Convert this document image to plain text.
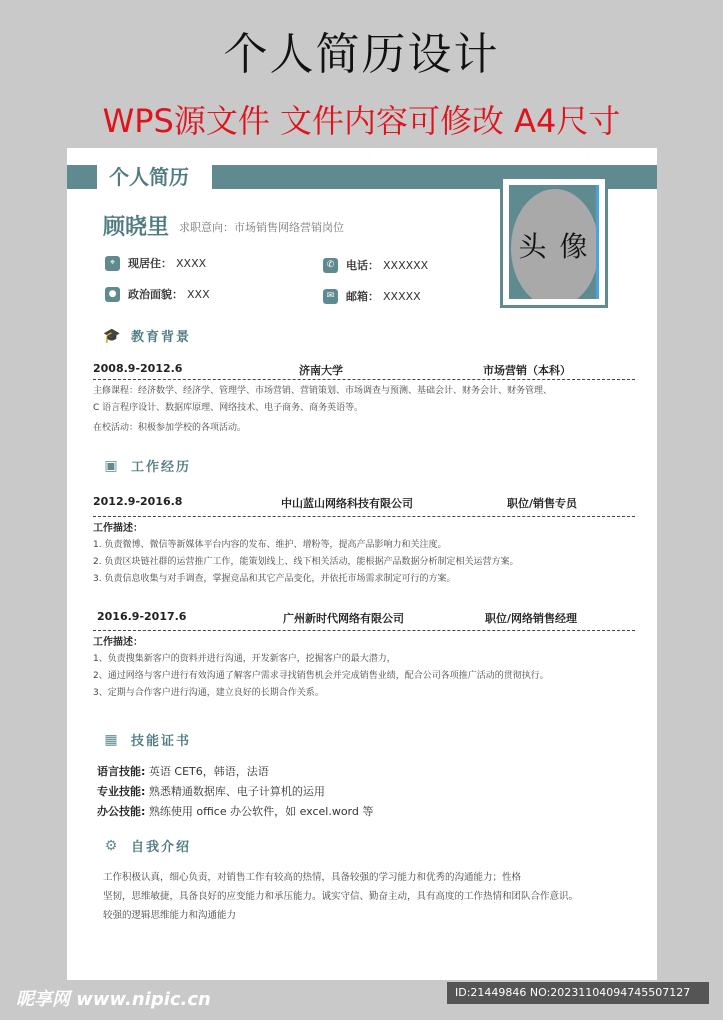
个人简历设计
WPS源文件 文件内容可修改 A4尺寸
个人简历
头 像
顾晓里 求职意向：市场销售网络营销岗位
⌖	现居住： XXXX	✆	电话： XXXXXX
●	政治面貌： XXX	✉	邮箱： XXXXX
🎓 教育背景
2008.9-2012.6	济南大学	市场营销（本科）
主修课程：经济数学、经济学、管理学、市场营销、营销策划、市场调查与预测、基础会计、财务会计、财务管理、
C 语言程序设计、数据库原理、网络技术、电子商务、商务英语等。
在校活动：积极参加学校的各项活动。
▣ 工作经历
2012.9-2016.8	中山蓝山网络科技有限公司	职位/销售专员
工作描述：
1. 负责微博、微信等新媒体平台内容的发布、维护、增粉等，提高产品影响力和关注度。
2. 负责区块链社群的运营推广工作，能策划线上、线下相关活动，能根据产品数据分析制定相关运营方案。
3. 负责信息收集与对手调查，掌握竞品和其它产品变化，并依托市场需求制定可行的方案。
2016.9-2017.6	广州新时代网络有限公司	职位/网络销售经理
工作描述：
1、负责搜集新客户的资料并进行沟通，开发新客户，挖掘客户的最大潜力，
2、通过网络与客户进行有效沟通了解客户需求寻找销售机会并完成销售业绩，配合公司各项推广活动的贯彻执行。
3、定期与合作客户进行沟通，建立良好的长期合作关系。
▦ 技能证书
语言技能: 英语 CET6，韩语，法语
专业技能: 熟悉精通数据库、电子计算机的运用
办公技能: 熟练使用 office 办公软件，如 excel.word 等
⚙ 自我介绍
工作积极认真，细心负责，对销售工作有较高的热情，具备较强的学习能力和优秀的沟通能力；性格
坚韧，思维敏捷，具备良好的应变能力和承压能力。诚实守信、勤奋主动，具有高度的工作热情和团队合作意识。
较强的逻辑思维能力和沟通能力
昵享网 www.nipic.cn	ID:21449846 NO:20231104094745507127
